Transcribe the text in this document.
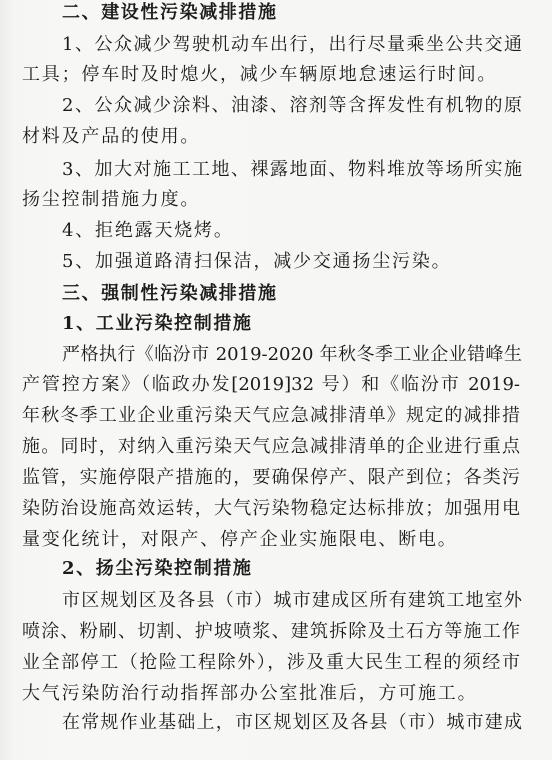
二、建设性污染减排措施
1、公众减少驾驶机动车出行，出行尽量乘坐公共交通
工具；停车时及时熄火，减少车辆原地怠速运行时间。
2、公众减少涂料、油漆、溶剂等含挥发性有机物的原
材料及产品的使用。
3、加大对施工工地、裸露地面、物料堆放等场所实施
扬尘控制措施力度。
4、拒绝露天烧烤。
5、加强道路清扫保洁，减少交通扬尘污染。
三、强制性污染减排措施
1、工业污染控制措施
严格执行《临汾市 2019-2020 年秋冬季工业企业错峰生
产管控方案》（临政办发[2019]32 号）和《临汾市 2019-
年秋冬季工业企业重污染天气应急减排清单》规定的减排措
施。同时，对纳入重污染天气应急减排清单的企业进行重点
监管，实施停限产措施的，要确保停产、限产到位；各类污
染防治设施高效运转，大气污染物稳定达标排放；加强用电
量变化统计，对限产、停产企业实施限电、断电。
2、扬尘污染控制措施
市区规划区及各县（市）城市建成区所有建筑工地室外
喷涂、粉刷、切割、护坡喷浆、建筑拆除及土石方等施工作
业全部停工（抢险工程除外），涉及重大民生工程的须经市
大气污染防治行动指挥部办公室批准后，方可施工。
在常规作业基础上，市区规划区及各县（市）城市建成
